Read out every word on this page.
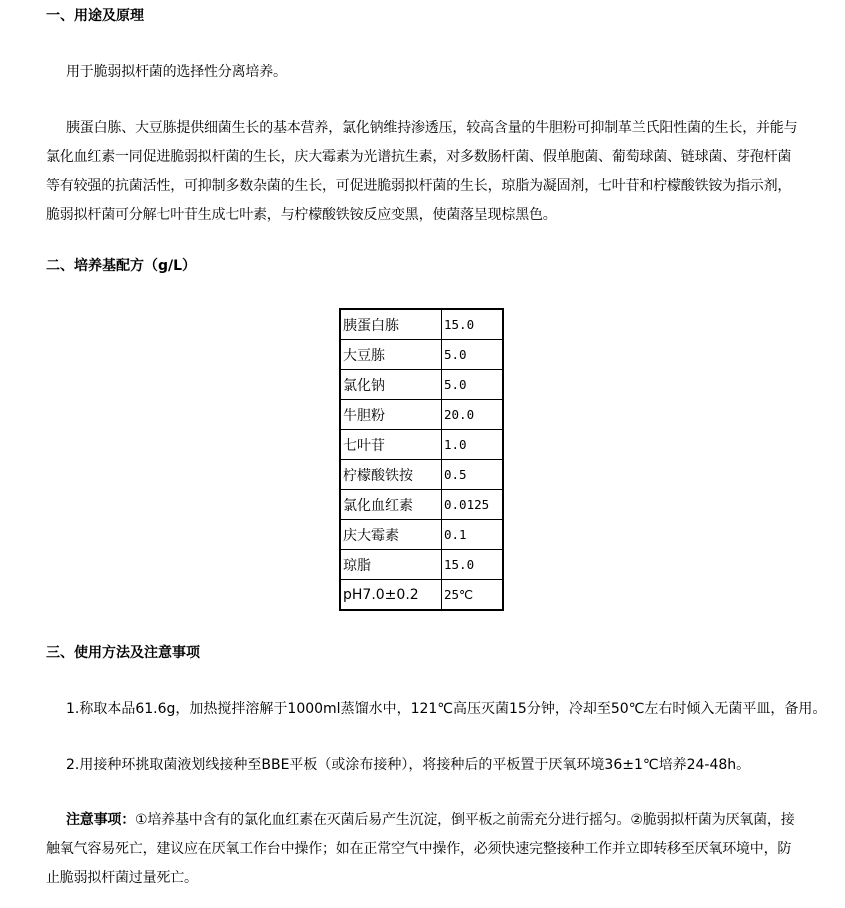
一、用途及原理

用于脆弱拟杆菌的选择性分离培养。

胰蛋白胨、大豆胨提供细菌生长的基本营养，氯化钠维持渗透压，较高含量的牛胆粉可抑制革兰氏阳性菌的生长，并能与氯化血红素一同促进脆弱拟杆菌的生长，庆大霉素为光谱抗生素，对多数肠杆菌、假单胞菌、葡萄球菌、链球菌、芽孢杆菌等有较强的抗菌活性，可抑制多数杂菌的生长，可促进脆弱拟杆菌的生长，琼脂为凝固剂，七叶苷和柠檬酸铁铵为指示剂，脆弱拟杆菌可分解七叶苷生成七叶素，与柠檬酸铁铵反应变黑，使菌落呈现棕黑色。

二、培养基配方（g/L）
胰蛋白胨	15.0
大豆胨	5.0
氯化钠	5.0
牛胆粉	20.0
七叶苷	1.0
柠檬酸铁按	0.5
氯化血红素	0.0125
庆大霉素	0.1
琼脂	15.0
pH7.0±0.2	25℃
三、使用方法及注意事项

1.称取本品61.6g，加热搅拌溶解于1000ml蒸馏水中，121℃高压灭菌15分钟，冷却至50℃左右时倾入无菌平皿，备用。

2.用接种环挑取菌液划线接种至BBE平板（或涂布接种），将接种后的平板置于厌氧环境36±1℃培养24-48h。

注意事项：①培养基中含有的氯化血红素在灭菌后易产生沉淀，倒平板之前需充分进行摇匀。②脆弱拟杆菌为厌氧菌，接触氧气容易死亡，建议应在厌氧工作台中操作；如在正常空气中操作，必须快速完整接种工作并立即转移至厌氧环境中，防止脆弱拟杆菌过量死亡。
